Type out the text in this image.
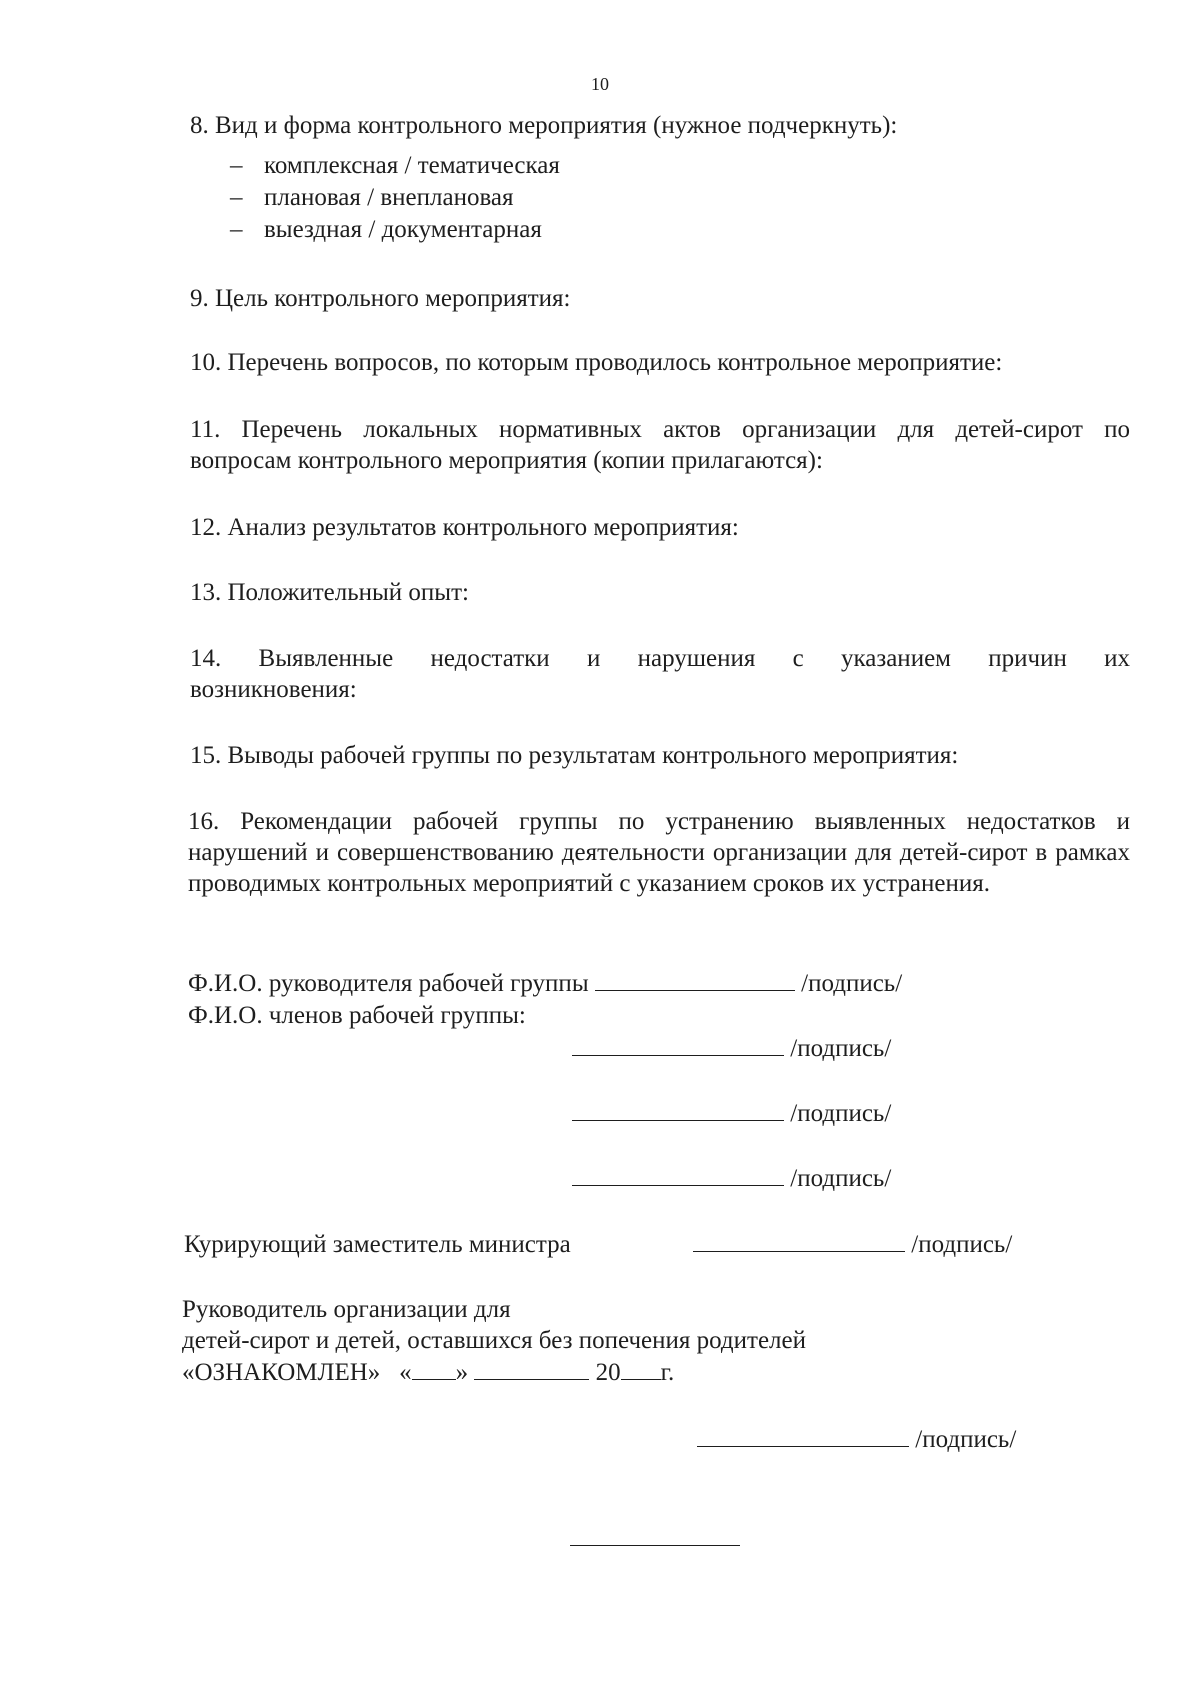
10

8. Вид и форма контрольного мероприятия (нужное подчеркнуть):

– комплексная / тематическая
– плановая / внеплановая
– выездная / документарная

9. Цель контрольного мероприятия:

10. Перечень вопросов, по которым проводилось контрольное мероприятие:

11. Перечень локальных нормативных актов организации для детей-сирот по

вопросам контрольного мероприятия (копии прилагаются):

12. Анализ результатов контрольного мероприятия:

13. Положительный опыт:

14. Выявленные недостатки и нарушения с указанием причин их

возникновения:

15. Выводы рабочей группы по результатам контрольного мероприятия:

16. Рекомендации рабочей группы по устранению выявленных недостатков и нарушений и совершенствованию деятельности организации для детей-сирот в рамках проводимых контрольных мероприятий с указанием сроков их устранения.

Ф.И.О. руководителя рабочей группы	/подпись/
Ф.И.О. членов рабочей группы:
/подпись/
/подпись/
/подпись/
Курирующий заместитель министра	/подпись/
Руководитель организации для
детей-сирот и детей, оставшихся без попечения родителей
«ОЗНАКОМЛЕН» « »	20 г.
/подпись/
